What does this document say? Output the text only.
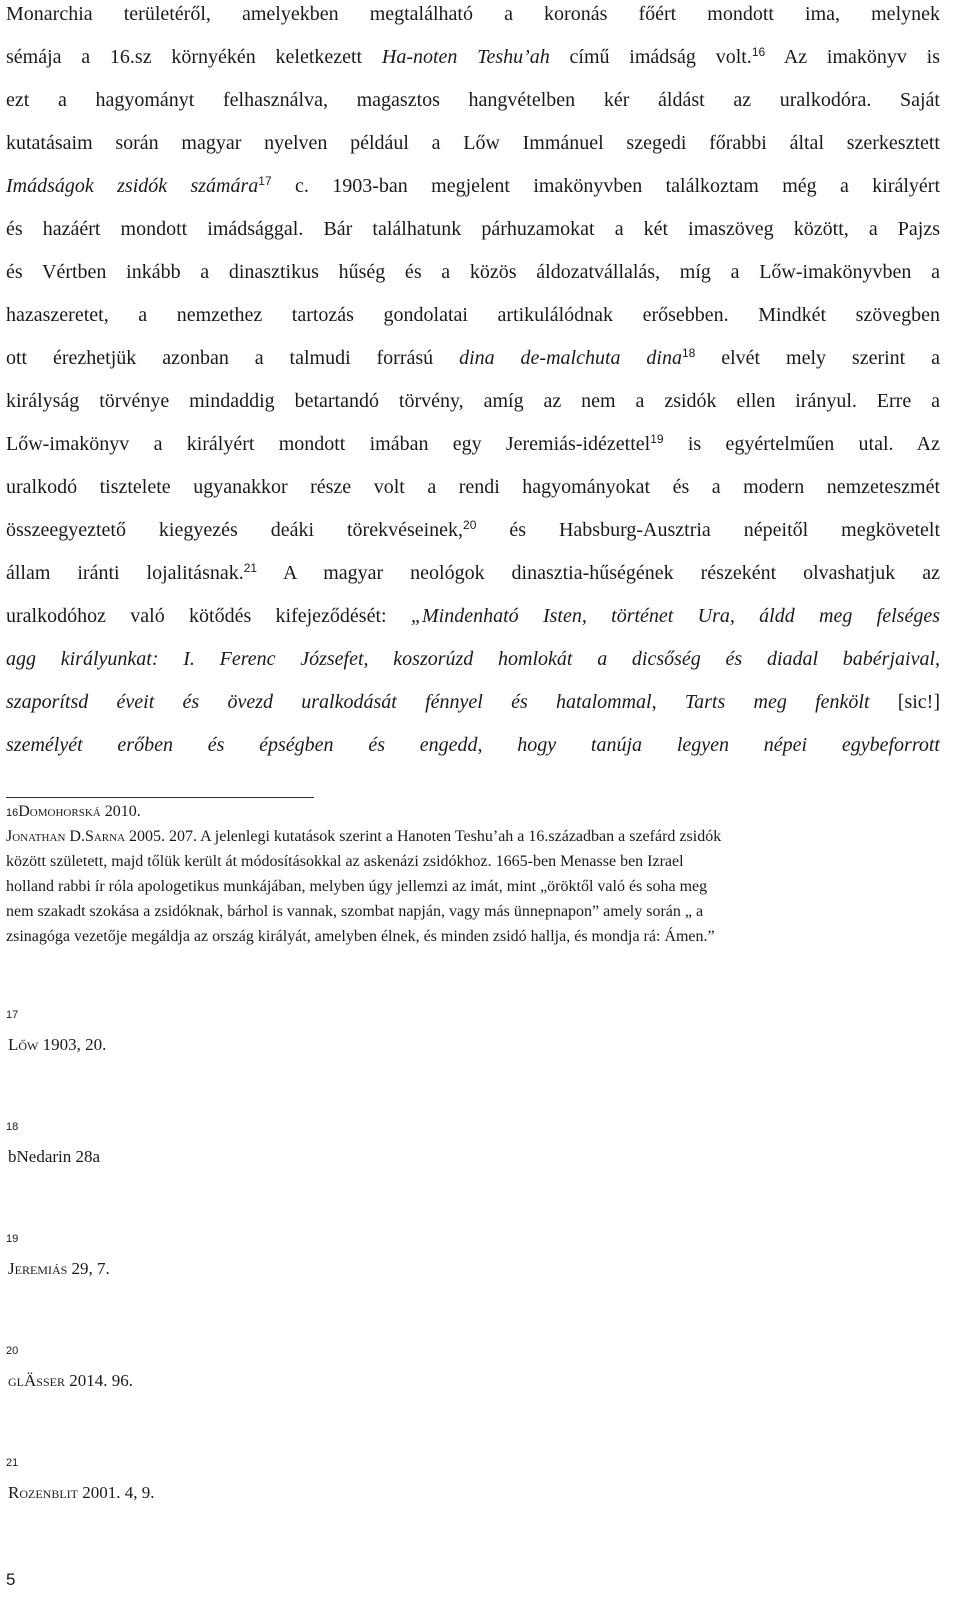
Monarchia területéről, amelyekben megtalálható a koronás főért mondott ima, melynek
sémája a 16.sz környékén keletkezett Ha-noten Teshu’ah című imádság volt.$^{16}$ Az imakönyv is
ezt a hagyományt felhasználva, magasztos hangvételben kér áldást az uralkodóra. Saját
kutatásaim során magyar nyelven például a Lőw Immánuel szegedi főrabbi által szerkesztett
Imádságok zsidók számára$^{17}$ c. 1903-ban megjelent imakönyvben találkoztam még a királyért
és hazáért mondott imádsággal. Bár találhatunk párhuzamokat a két imaszöveg között, a Pajzs
és Vértben inkább a dinasztikus hűség és a közös áldozatvállalás, míg a Lőw-imakönyvben a
hazaszeretet, a nemzethez tartozás gondolatai artikulálódnak erősebben. Mindkét szövegben
ott érezhetjük azonban a talmudi forrású dina de-malchuta dina$^{18}$ elvét mely szerint a
királyság törvénye mindaddig betartandó törvény, amíg az nem a zsidók ellen irányul. Erre a
Lőw-imakönyv a királyért mondott imában egy Jeremiás-idézettel$^{19}$ is egyértelműen utal. Az
uralkodó tisztelete ugyanakkor része volt a rendi hagyományokat és a modern nemzeteszmét
összeegyeztető kiegyezés deáki törekvéseinek,$^{20}$ és Habsburg-Ausztria népeitől megkövetelt
állam iránti lojalitásnak.$^{21}$ A magyar neológok dinasztia-hűségének részeként olvashatjuk az
uralkodóhoz való kötődés kifejeződését: „Mindenható Isten, történet Ura, áldd meg felséges
agg királyunkat: I. Ferenc Józsefet, koszorúzd homlokát a dicsőség és diadal babérjaival,
szaporítsd éveit és övezd uralkodását fénnyel és hatalommal, Tarts meg fenkölt [sic!]
személyét erőben és épségben és engedd, hogy tanúja legyen népei egybeforrott
16Domohorská 2010.
Jonathan D.Sarna 2005. 207. A jelenlegi kutatások szerint a Hanoten Teshu’ah a 16.században a szefárd zsidók
között született, majd tőlük került át módosításokkal az askenázi zsidókhoz. 1665-ben Menasse ben Izrael
holland rabbi ír róla apologetikus munkájában, melyben úgy jellemzi az imát, mint „öröktől való és soha meg
nem szakadt szokása a zsidóknak, bárhol is vannak, szombat napján, vagy más ünnepnapon” amely során „ a
zsinagóga vezetője megáldja az ország királyát, amelyben élnek, és minden zsidó hallja, és mondja rá: Ámen.”
17
Lőw 1903, 20.
18
bNedarin 28a
19
Jeremiás 29, 7.
20
glÄsser 2014. 96.
21
Rozenblit 2001. 4, 9.
5
